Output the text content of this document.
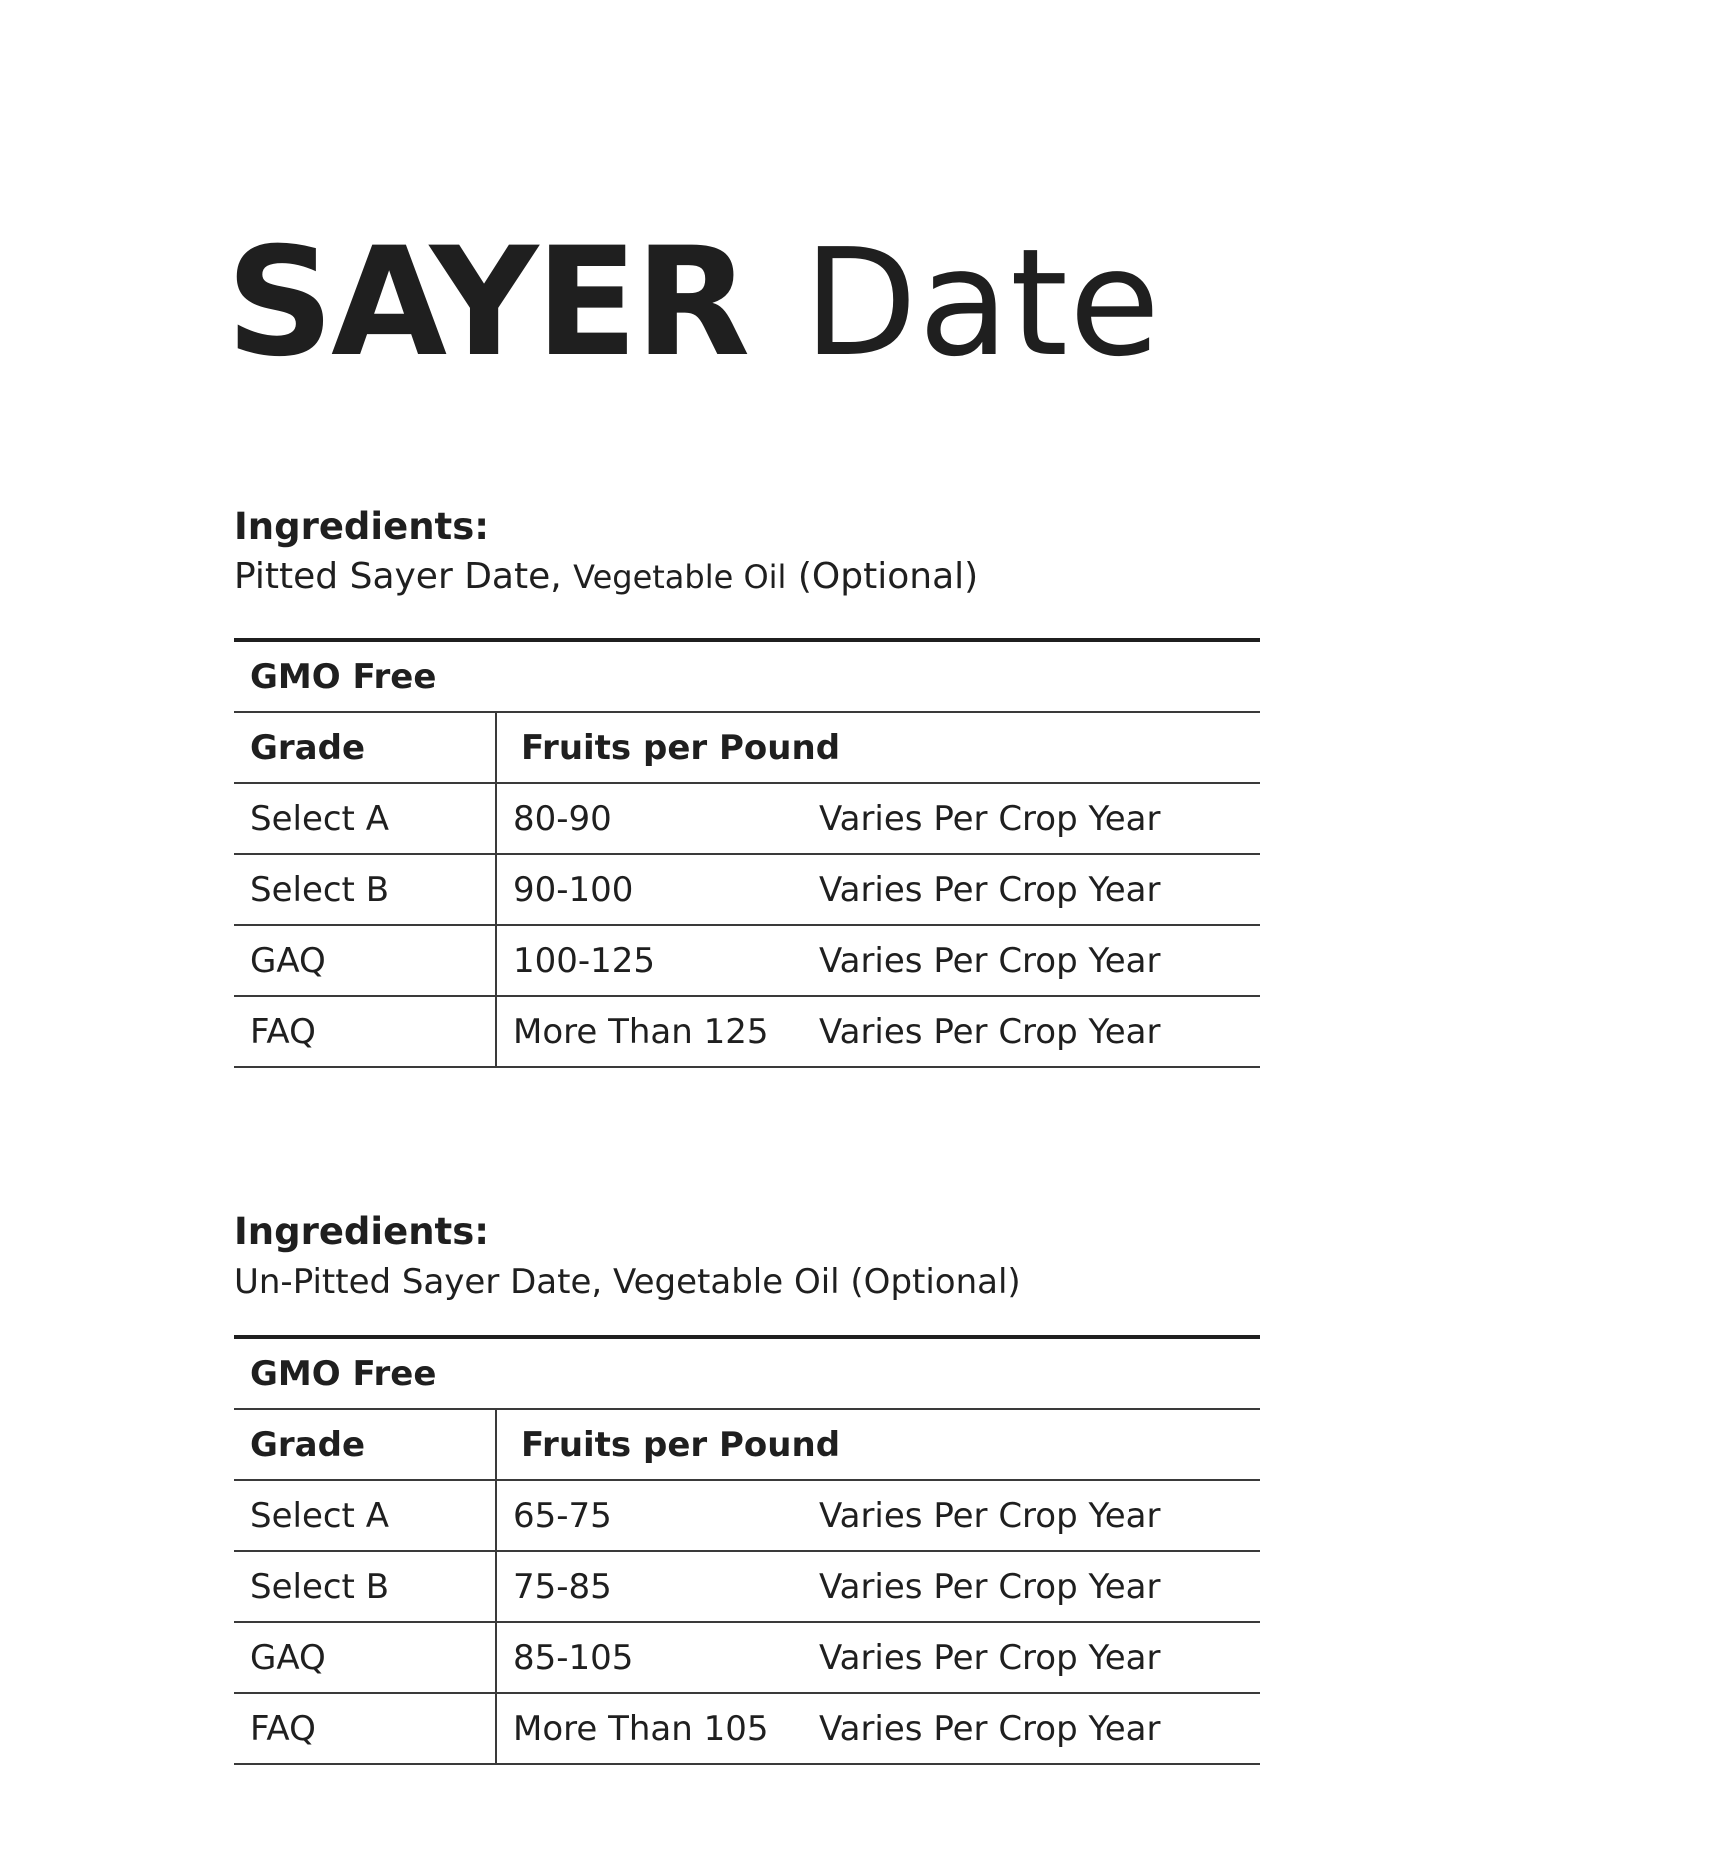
SAYER Date

Ingredients:

Pitted Sayer Date, Vegetable Oil (Optional)

GMO Free		
Grade	Fruits per Pound	
Select A	80-90	Varies Per Crop Year
Select B	90-100	Varies Per Crop Year
GAQ	100-125	Varies Per Crop Year
FAQ	More Than 125	Varies Per Crop Year

Ingredients:

Un-Pitted Sayer Date, Vegetable Oil (Optional)

GMO Free		
Grade	Fruits per Pound	
Select A	65-75	Varies Per Crop Year
Select B	75-85	Varies Per Crop Year
GAQ	85-105	Varies Per Crop Year
FAQ	More Than 105	Varies Per Crop Year
